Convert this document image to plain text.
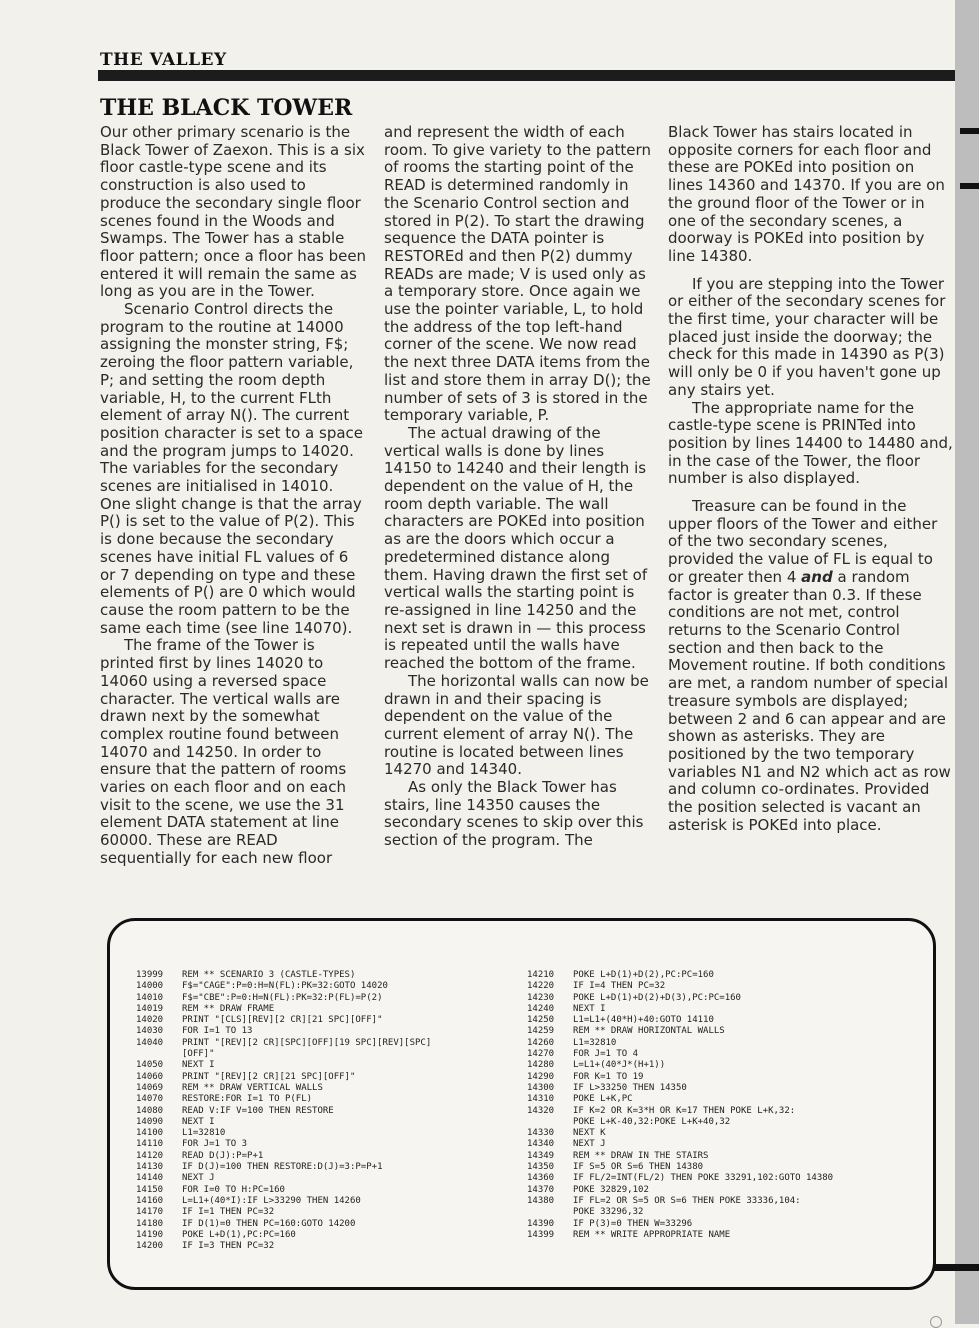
THE VALLEY
THE BLACK TOWER

Our other primary scenario is the Black Tower of Zaexon. This is a six floor castle-type scene and its construction is also used to produce the secondary single floor scenes found in the Woods and Swamps. The Tower has a stable floor pattern; once a floor has been entered it will remain the same as long as you are in the Tower.

Scenario Control directs the program to the routine at 14000 assigning the monster string, F$; zeroing the floor pattern variable, P; and setting the room depth variable, H, to the current FLth element of array N(). The current position character is set to a space and the program jumps to 14020. The variables for the secondary scenes are initialised in 14010. One slight change is that the array P() is set to the value of P(2). This is done because the secondary scenes have initial FL values of 6 or 7 depending on type and these elements of P() are 0 which would cause the room pattern to be the same each time (see line 14070).

The frame of the Tower is printed first by lines 14020 to 14060 using a reversed space character. The vertical walls are drawn next by the somewhat complex routine found between 14070 and 14250. In order to ensure that the pattern of rooms varies on each floor and on each visit to the scene, we use the 31 element DATA statement at line 60000. These are READ sequentially for each new floor

and represent the width of each room. To give variety to the pattern of rooms the starting point of the READ is determined randomly in the Scenario Control section and stored in P(2). To start the drawing sequence the DATA pointer is RESTOREd and then P(2) dummy READs are made; V is used only as a temporary store. Once again we use the pointer variable, L, to hold the address of the top left-hand corner of the scene. We now read the next three DATA items from the list and store them in array D(); the number of sets of 3 is stored in the temporary variable, P.

The actual drawing of the vertical walls is done by lines 14150 to 14240 and their length is dependent on the value of H, the room depth variable. The wall characters are POKEd into position as are the doors which occur a predetermined distance along them. Having drawn the first set of vertical walls the starting point is re-assigned in line 14250 and the next set is drawn in — this process is repeated until the walls have reached the bottom of the frame.

The horizontal walls can now be drawn in and their spacing is dependent on the value of the current element of array N(). The routine is located between lines 14270 and 14340.

As only the Black Tower has stairs, line 14350 causes the secondary scenes to skip over this section of the program. The

Black Tower has stairs located in opposite corners for each floor and these are POKEd into position on lines 14360 and 14370. If you are on the ground floor of the Tower or in one of the secondary scenes, a doorway is POKEd into position by line 14380.

If you are stepping into the Tower or either of the secondary scenes for the first time, your character will be placed just inside the doorway; the check for this made in 14390 as P(3) will only be 0 if you haven't gone up any stairs yet.

The appropriate name for the castle-type scene is PRINTed into position by lines 14400 to 14480 and, in the case of the Tower, the floor number is also displayed.

Treasure can be found in the upper floors of the Tower and either of the two secondary scenes, provided the value of FL is equal to or greater then 4 and a random factor is greater than 0.3. If these conditions are not met, control returns to the Scenario Control section and then back to the Movement routine. If both conditions are met, a random number of special treasure symbols are displayed; between 2 and 6 can appear and are shown as asterisks. They are positioned by the two temporary variables N1 and N2 which act as row and column co-ordinates. Provided the position selected is vacant an asterisk is POKEd into place.

13999 REM ** SCENARIO 3 (CASTLE-TYPES)
14000 F$="CAGE":P=0:H=N(FL):PK=32:GOTO 14020
14010 F$="CBE":P=0:H=N(FL):PK=32:P(FL)=P(2)
14019 REM ** DRAW FRAME
14020 PRINT "[CLS][REV][2 CR][21 SPC][OFF]"
14030 FOR I=1 TO 13
14040 PRINT "[REV][2 CR][SPC][OFF][19 SPC][REV][SPC]
[OFF]"
14050 NEXT I
14060 PRINT "[REV][2 CR][21 SPC][OFF]"
14069 REM ** DRAW VERTICAL WALLS
14070 RESTORE:FOR I=1 TO P(FL)
14080 READ V:IF V=100 THEN RESTORE
14090 NEXT I
14100 L1=32810
14110 FOR J=1 TO 3
14120 READ D(J):P=P+1
14130 IF D(J)=100 THEN RESTORE:D(J)=3:P=P+1
14140 NEXT J
14150 FOR I=0 TO H:PC=160
14160 L=L1+(40*I):IF L>33290 THEN 14260
14170 IF I=1 THEN PC=32
14180 IF D(1)=0 THEN PC=160:GOTO 14200
14190 POKE L+D(1),PC:PC=160
14200 IF I=3 THEN PC=32
14210 POKE L+D(1)+D(2),PC:PC=160
14220 IF I=4 THEN PC=32
14230 POKE L+D(1)+D(2)+D(3),PC:PC=160
14240 NEXT I
14250 L1=L1+(40*H)+40:GOTO 14110
14259 REM ** DRAW HORIZONTAL WALLS
14260 L1=32810
14270 FOR J=1 TO 4
14280 L=L1+(40*J*(H+1))
14290 FOR K=1 TO 19
14300 IF L>33250 THEN 14350
14310 POKE L+K,PC
14320 IF K=2 OR K=3*H OR K=17 THEN POKE L+K,32:
POKE L+K-40,32:POKE L+K+40,32
14330 NEXT K
14340 NEXT J
14349 REM ** DRAW IN THE STAIRS
14350 IF S=5 OR S=6 THEN 14380
14360 IF FL/2=INT(FL/2) THEN POKE 33291,102:GOTO 14380
14370 POKE 32829,102
14380 IF FL=2 OR S=5 OR S=6 THEN POKE 33336,104:
POKE 33296,32
14390 IF P(3)=0 THEN W=33296
14399 REM ** WRITE APPROPRIATE NAME
